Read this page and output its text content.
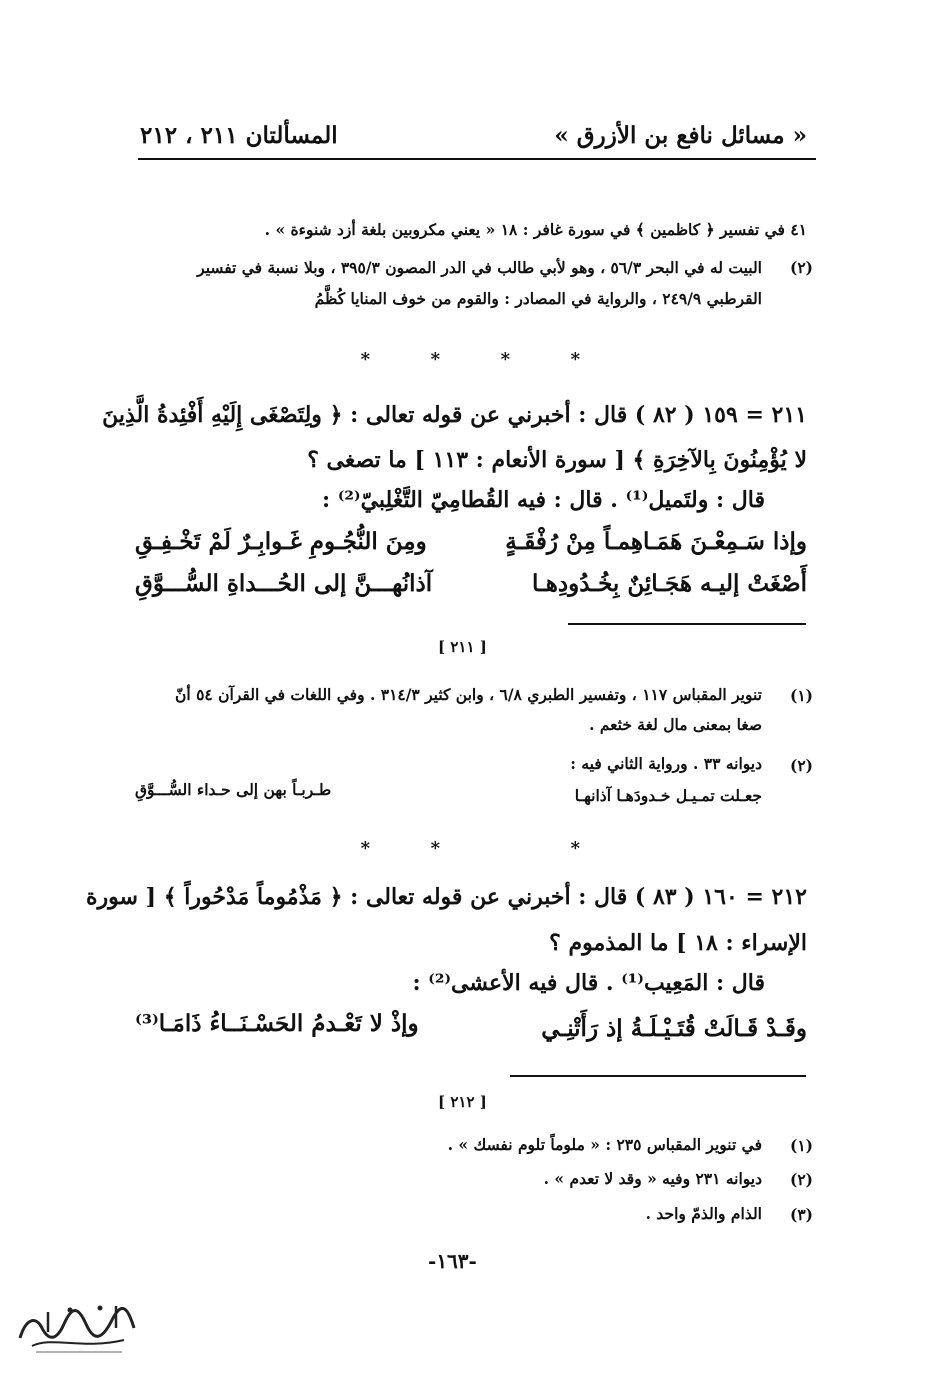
« مسائل نافع بن الأزرق »
المسألتان ٢١١ ، ٢١٢
٤١ في تفسير ﴿ كاظمين ﴾ في سورة غافر : ١٨ « يعني مكروبين بلغة أزد شنوءة » .
(٢)
البيت له في البحر ٥٦/٣ ، وهو لأبي طالب في الدر المصون ٣٩٥/٣ ، وبلا نسبة في تفسير
القرطبي ٢٤٩/٩ ، والرواية في المصادر : والقوم من خوف المنايا كُظَّمُ
*
*
*
*
٢١١ = ١٥٩ ( ٨٢ ) قال : أخبرني عن قوله تعالى : ﴿ ولِتَصْغَى إِلَيْهِ أَفْئِدةُ الَّذِينَ
لا يُؤْمِنُونَ بِالآخِرَةِ ﴾ [ سورة الأنعام : ١١٣ ] ما تصغى ؟
قال : ولتَميل⁽¹⁾ . قال : فيه القُطامِيّ التَّغْلِبيّ⁽²⁾ :
وإذا سَـمِعْـنَ هَمَـاهِمـاً مِنْ رُفْقَـةٍ
ومِنَ النُّجُـومِ غَـوابِـرٌ لَمْ تَخْـفِـقِ
أَصْغَتْ إليـه هَجَـائِنٌ بِخُـدُودِهـا
آذانُهـــنَّ إلى الحُـــداةِ السُّـــوَّقِ
[ ٢١١ ]
(١)
تنوير المقباس ١١٧ ، وتفسير الطبري ٦/٨ ، وابن كثير ٣١٤/٣ . وفي اللغات في القرآن ٥٤ أنّ
صغا بمعنى مال لغة خثعم .
(٢)
ديوانه ٣٣ . ورواية الثاني فيه :
جعـلت تمـيـل خـدودَهـا آذانهـا
طـربـاً بهن إلى حـداء السُّـــوَّقِ
*
*
*
٢١٢ = ١٦٠ ( ٨٣ ) قال : أخبرني عن قوله تعالى : ﴿ مَذْمُوماً مَدْحُوراً ﴾ [ سورة
الإسراء : ١٨ ] ما المذموم ؟
قال : المَعِيب⁽¹⁾ . قال فيه الأعشى⁽²⁾ :
وقَـدْ قَـالَتْ قُتَـيْـلَـةُ إذ رَأَتْنِـي
وإذْ لا تَعْـدمُ الحَسْـنَــاءُ ذَامَـا⁽³⁾
[ ٢١٢ ]
(١)
في تنوير المقباس ٢٣٥ : « ملوماً تلوم نفسك » .
(٢)
ديوانه ٢٣١ وفيه « وقد لا تعدم » .
(٣)
الذام والذمّ واحد .
-١٦٣-
